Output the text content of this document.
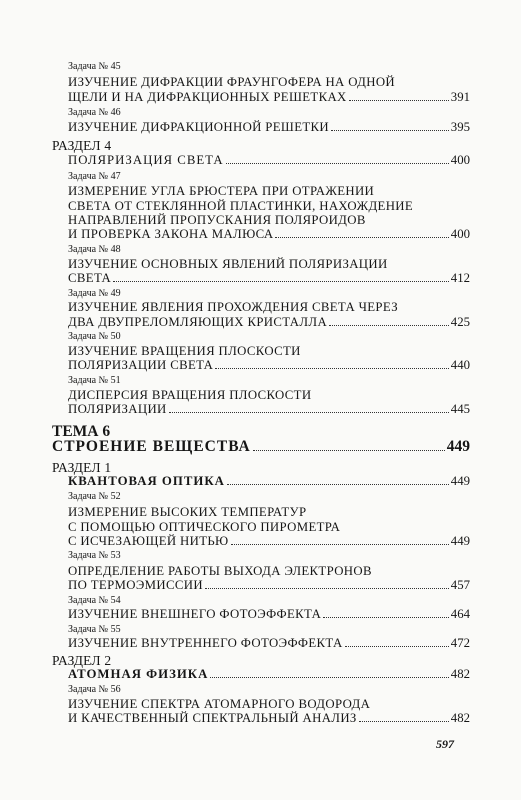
Задача № 45
ИЗУЧЕНИЕ ДИФРАКЦИИ ФРАУНГОФЕРА НА ОДНОЙ
ЩЕЛИ И НА ДИФРАКЦИОННЫХ РЕШЕТКАХ	391
Задача № 46
ИЗУЧЕНИЕ ДИФРАКЦИОННОЙ РЕШЕТКИ	395
РАЗДЕЛ 4
ПОЛЯРИЗАЦИЯ СВЕТА	400
Задача № 47
ИЗМЕРЕНИЕ УГЛА БРЮСТЕРА ПРИ ОТРАЖЕНИИ
СВЕТА ОТ СТЕКЛЯННОЙ ПЛАСТИНКИ, НАХОЖДЕНИЕ
НАПРАВЛЕНИЙ ПРОПУСКАНИЯ ПОЛЯРОИДОВ
И ПРОВЕРКА ЗАКОНА МАЛЮСА	400
Задача № 48
ИЗУЧЕНИЕ ОСНОВНЫХ ЯВЛЕНИЙ ПОЛЯРИЗАЦИИ
СВЕТА	412
Задача № 49
ИЗУЧЕНИЕ ЯВЛЕНИЯ ПРОХОЖДЕНИЯ СВЕТА ЧЕРЕЗ
ДВА ДВУПРЕЛОМЛЯЮЩИХ КРИСТАЛЛА	425
Задача № 50
ИЗУЧЕНИЕ ВРАЩЕНИЯ ПЛОСКОСТИ
ПОЛЯРИЗАЦИИ СВЕТА	440
Задача № 51
ДИСПЕРСИЯ ВРАЩЕНИЯ ПЛОСКОСТИ
ПОЛЯРИЗАЦИИ	445
ТЕМА 6
СТРОЕНИЕ ВЕЩЕСТВА	449
РАЗДЕЛ 1
КВАНТОВАЯ ОПТИКА	449
Задача № 52
ИЗМЕРЕНИЕ ВЫСОКИХ ТЕМПЕРАТУР
С ПОМОЩЬЮ ОПТИЧЕСКОГО ПИРОМЕТРА
С ИСЧЕЗАЮЩЕЙ НИТЬЮ	449
Задача № 53
ОПРЕДЕЛЕНИЕ РАБОТЫ ВЫХОДА ЭЛЕКТРОНОВ
ПО ТЕРМОЭМИССИИ	457
Задача № 54
ИЗУЧЕНИЕ ВНЕШНЕГО ФОТОЭФФЕКТА	464
Задача № 55
ИЗУЧЕНИЕ ВНУТРЕННЕГО ФОТОЭФФЕКТА	472
РАЗДЕЛ 2
АТОМНАЯ ФИЗИКА	482
Задача № 56
ИЗУЧЕНИЕ СПЕКТРА АТОМАРНОГО ВОДОРОДА
И КАЧЕСТВЕННЫЙ СПЕКТРАЛЬНЫЙ АНАЛИЗ	482
597
